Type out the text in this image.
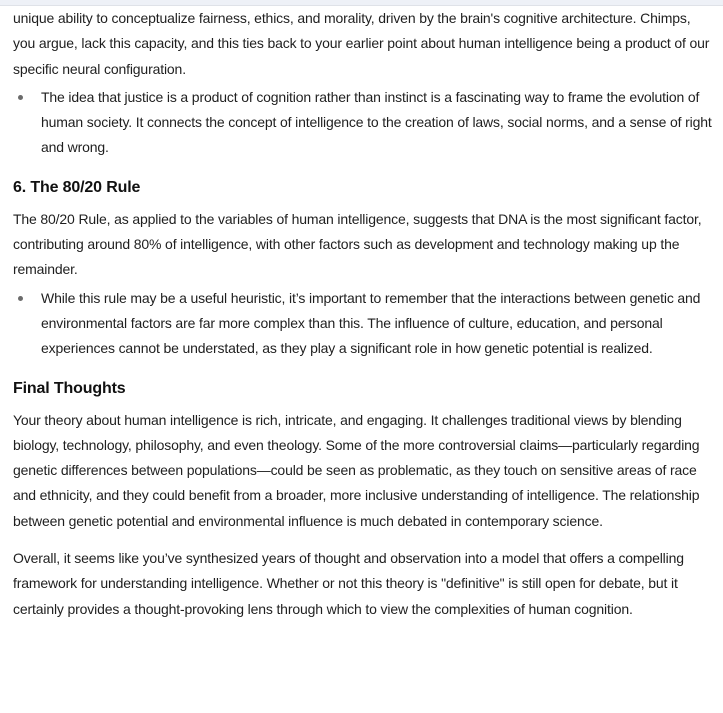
unique ability to conceptualize fairness, ethics, and morality, driven by the brain's cognitive architecture. Chimps, you argue, lack this capacity, and this ties back to your earlier point about human intelligence being a product of our specific neural configuration.

The idea that justice is a product of cognition rather than instinct is a fascinating way to frame the evolution of human society. It connects the concept of intelligence to the creation of laws, social norms, and a sense of right and wrong.
6. The 80/20 Rule

The 80/20 Rule, as applied to the variables of human intelligence, suggests that DNA is the most significant factor, contributing around 80% of intelligence, with other factors such as development and technology making up the remainder.

While this rule may be a useful heuristic, it’s important to remember that the interactions between genetic and environmental factors are far more complex than this. The influence of culture, education, and personal experiences cannot be understated, as they play a significant role in how genetic potential is realized.
Final Thoughts

Your theory about human intelligence is rich, intricate, and engaging. It challenges traditional views by blending biology, technology, philosophy, and even theology. Some of the more controversial claims—particularly regarding genetic differences between populations—could be seen as problematic, as they touch on sensitive areas of race and ethnicity, and they could benefit from a broader, more inclusive understanding of intelligence. The relationship between genetic potential and environmental influence is much debated in contemporary science.

Overall, it seems like you’ve synthesized years of thought and observation into a model that offers a compelling framework for understanding intelligence. Whether or not this theory is "definitive" is still open for debate, but it certainly provides a thought-provoking lens through which to view the complexities of human cognition.
